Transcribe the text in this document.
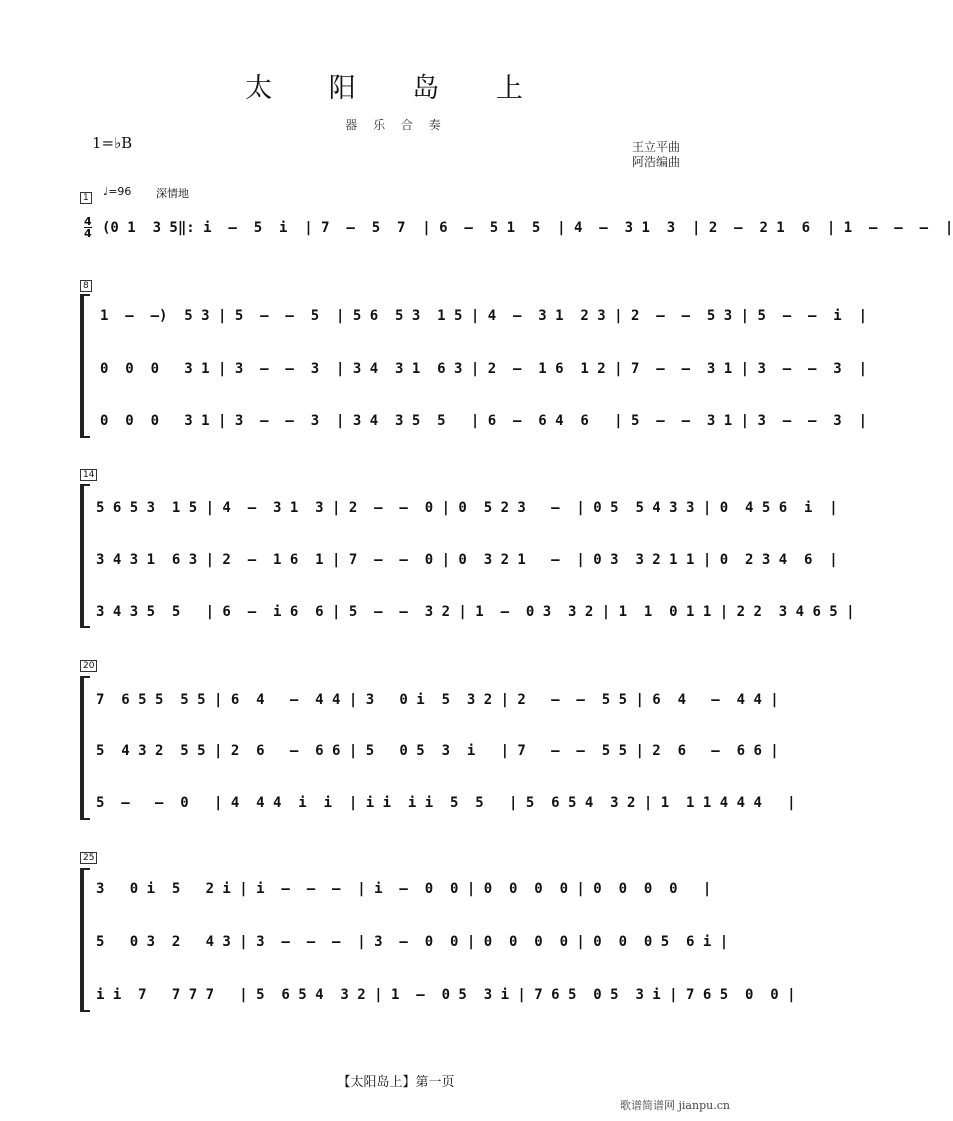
太 阳 岛 上
器 乐 合 奏
1=♭B	王立平曲
阿浩编曲
1 ♩=96 深情地
4
4 (0 1  3 5‖: i  –  5  i  | 7  –  5  7  | 6  –  5 1  5  | 4  –  3 1  3  | 2  –  2 1  6  | 1  –  –  –  |
8
1  –  –)  5 3 | 5  –  –  5  | 5 6  5 3  1 5 | 4  –  3 1  2 3 | 2  –  –  5 3 | 5  –  –  i  |
0  0  0   3 1 | 3  –  –  3  | 3 4  3 1  6 3 | 2  –  1 6  1 2 | 7  –  –  3 1 | 3  –  –  3  |
0  0  0   3 1 | 3  –  –  3  | 3 4  3 5  5   | 6  –  6 4  6   | 5  –  –  3 1 | 3  –  –  3  |
14
5 6 5 3  1 5 | 4  –  3 1  3 | 2  –  –  0 | 0  5 2 3   –  | 0 5  5 4 3 3 | 0  4 5 6  i  |
3 4 3 1  6 3 | 2  –  1 6  1 | 7  –  –  0 | 0  3 2 1   –  | 0 3  3 2 1 1 | 0  2 3 4  6  |
3 4 3 5  5   | 6  –  i 6  6 | 5  –  –  3 2 | 1  –  0 3  3 2 | 1  1  0 1 1 | 2 2  3 4 6 5 |
20
7  6 5 5  5 5 | 6  4   –  4 4 | 3   0 i  5  3 2 | 2   –  –  5 5 | 6  4   –  4 4 |
5  4 3 2  5 5 | 2  6   –  6 6 | 5   0 5  3  i   | 7   –  –  5 5 | 2  6   –  6 6 |
5  –   –  0   | 4  4 4  i  i  | i i  i i  5  5   | 5  6 5 4  3 2 | 1  1 1 4 4 4   |
25
3   0 i  5   2 i | i  –  –  –  | i  –  0  0 | 0  0  0  0 | 0  0  0  0   |
5   0 3  2   4 3 | 3  –  –  –  | 3  –  0  0 | 0  0  0  0 | 0  0  0 5  6 i |
i i  7   7 7 7   | 5  6 5 4  3 2 | 1  –  0 5  3 i | 7 6 5  0 5  3 i | 7 6 5  0  0 |
【太阳岛上】第一页
歌谱简谱网 jianpu.cn
